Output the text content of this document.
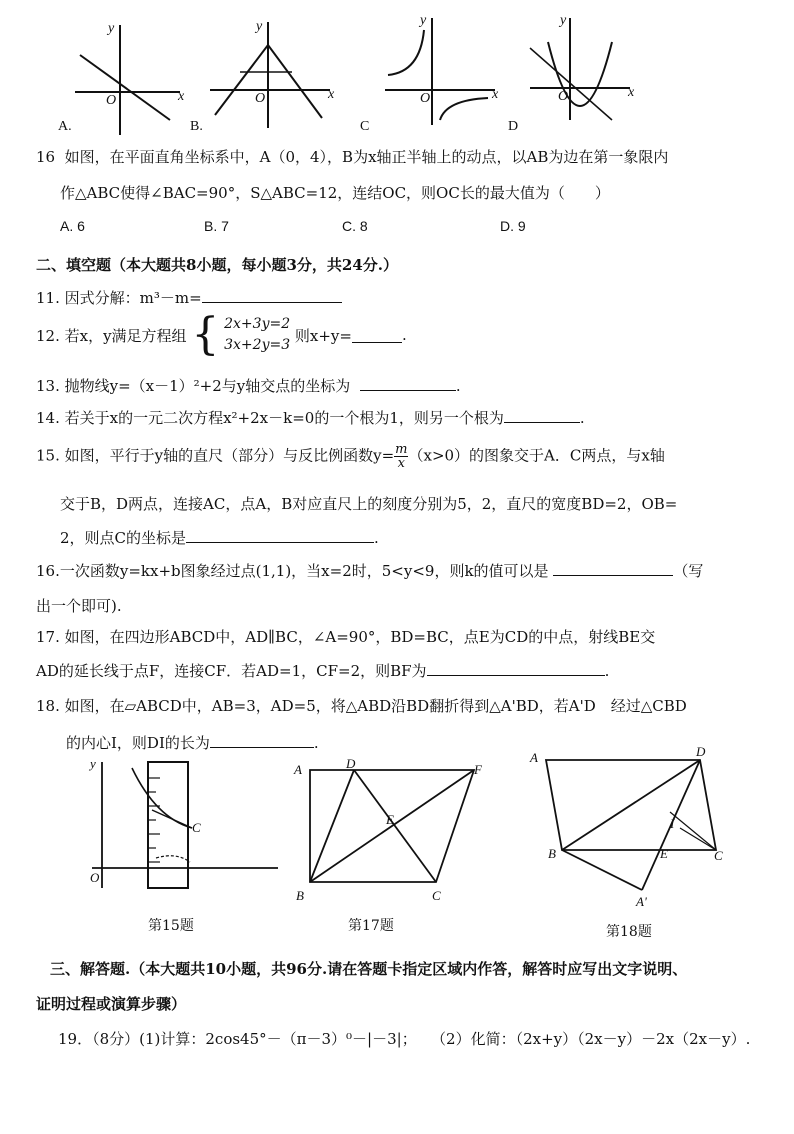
y
x
O
y
x
O
y
x
O
y
x
O
A.	B.	C	D
16 如图，在平面直角坐标系中，A（0，4），B为x轴正半轴上的动点，以AB为边在第一象限内
作△ABC使得∠BAC=90°，S△ABC=12，连结OC，则OC长的最大值为（　　）
A. 6	B. 7	C. 8	D. 9
二、填空题（本大题共8小题，每小题3分，共24分.）
11. 因式分解：m³－m=
12. 若x，y满足方程组 { 2x+3y=2
3x+2y=3
则x+y=	.
13. 抛物线y=（x－1）²+2与y轴交点的坐标为	.
14. 若关于x的一元二次方程x²+2x－k=0的一个根为1，则另一个根为	.
15. 如图，平行于y轴的直尺（部分）与反比例函数$y= \frac{m}{x}(x>0)$的图象交于A．C两点，与x轴
交于B，D两点，连接AC，点A，B对应直尺上的刻度分别为5，2，直尺的宽度BD=2，OB=
2，则点C的坐标是	.
16.一次函数y=kx+b图象经过点(1,1)，当x=2时，5<y<9，则k的值可以是	（写
出一个即可).
17. 如图，在四边形ABCD中，AD∥BC，∠A=90°，BD=BC，点E为CD的中点，射线BE交
AD的延长线于点F，连接CF．若AD=1，CF=2，则BF为	.
18. 如图，在▱ABCD中，AB=3，AD=5，将△ABD沿BD翻折得到△A'BD，若A'D　经过△CBD
的内心I，则DI的长为	.
y
O
C
第15题
A	D	F
E
B	C
第17题
A	D
B	C
E
I
A'
第18题
三、解答题.（本大题共10小题，共96分.请在答题卡指定区域内作答，解答时应写出文字说明、
证明过程或演算步骤）
19．（8分）(1)计算：2cos45°－（π－3）⁰－|－3|； （2）化简：（2x+y）（2x－y）－2x（2x－y）.
